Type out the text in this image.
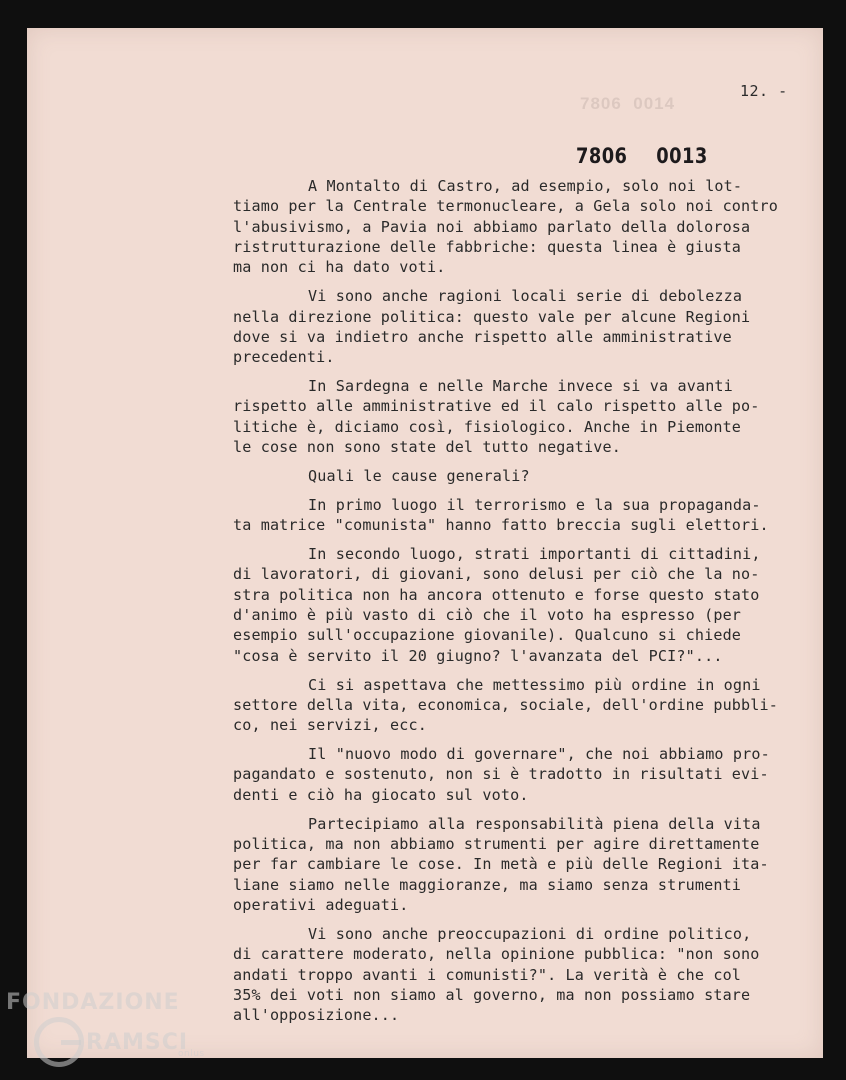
7806  0014
12. -
7806 0013
A Montalto di Castro, ad esempio, solo noi lot-
tiamo per la Centrale termonucleare, a Gela solo noi contro
l'abusivismo, a Pavia noi abbiamo parlato della dolorosa
ristrutturazione delle fabbriche: questa linea è giusta
ma non ci ha dato voti.
Vi sono anche ragioni locali serie di debolezza
nella direzione politica: questo vale per alcune Regioni
dove si va indietro anche rispetto alle amministrative
precedenti.
In Sardegna e nelle Marche invece si va avanti
rispetto alle amministrative ed il calo rispetto alle po-
litiche è, diciamo così, fisiologico. Anche in Piemonte
le cose non sono state del tutto negative.
Quali le cause generali?
In primo luogo il terrorismo e la sua propaganda-
ta matrice "comunista" hanno fatto breccia sugli elettori.
In secondo luogo, strati importanti di cittadini,
di lavoratori, di giovani, sono delusi per ciò che la no-
stra politica non ha ancora ottenuto e forse questo stato
d'animo è più vasto di ciò che il voto ha espresso (per
esempio sull'occupazione giovanile). Qualcuno si chiede
"cosa è servito il 20 giugno? l'avanzata del PCI?"...
Ci si aspettava che mettessimo più ordine in ogni
settore della vita, economica, sociale, dell'ordine pubbli-
co, nei servizi, ecc.
Il "nuovo modo di governare", che noi abbiamo pro-
pagandato e sostenuto, non si è tradotto in risultati evi-
denti e ciò ha giocato sul voto.
Partecipiamo alla responsabilità piena della vita
politica, ma non abbiamo strumenti per agire direttamente
per far cambiare le cose. In metà e più delle Regioni ita-
liane siamo nelle maggioranze, ma siamo senza strumenti
operativi adeguati.
Vi sono anche preoccupazioni di ordine politico,
di carattere moderato, nella opinione pubblica: "non sono
andati troppo avanti i comunisti?". La verità è che col
35% dei voti non siamo al governo, ma non possiamo stare
all'opposizione...
FONDAZIONE
RAMSCI
onlus
